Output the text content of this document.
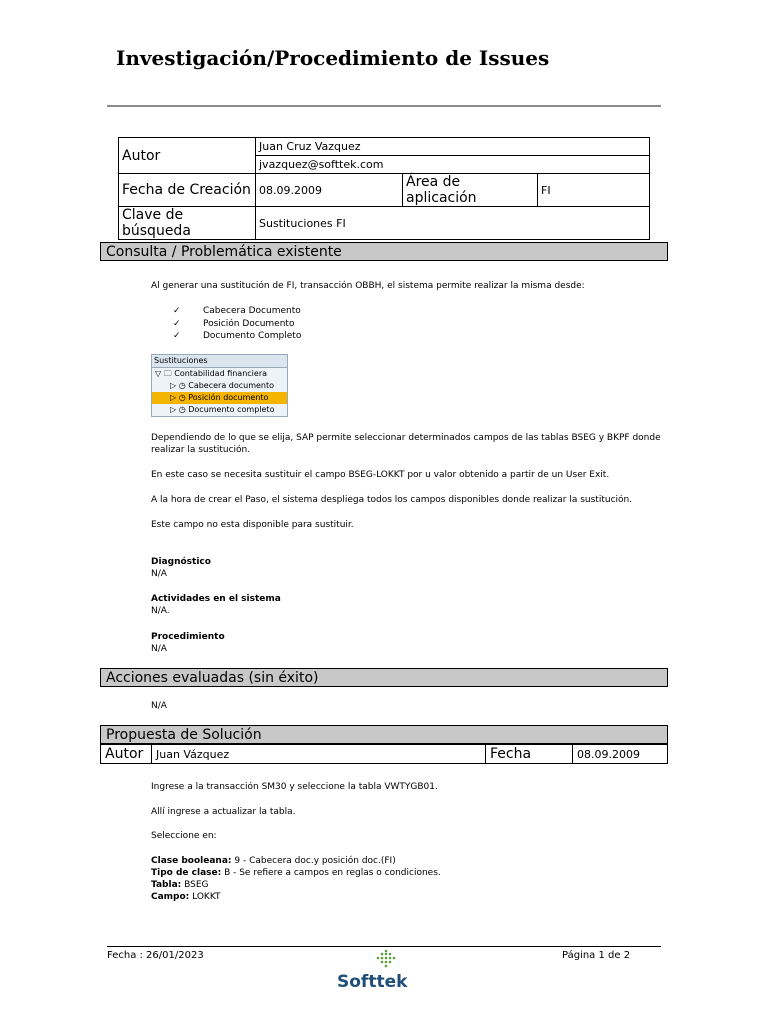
Investigación/Procedimiento de Issues
Autor	Juan Cruz Vazquez		
	jvazquez@softtek.com		
Fecha de Creación	08.09.2009	Área de aplicación	FI
Clave de búsqueda	Sustituciones FI		
Consulta / Problemática existente
Al generar una sustitución de FI, transacción OBBH, el sistema permite realizar la misma desde:
✓ Cabecera Documento
✓ Posición Documento
✓ Documento Completo
Sustituciones
▽ 🗀 Contabilidad financiera
▷ ◷ Cabecera documento
▷ ◷ Posición documento
▷ ◷ Documento completo
Dependiendo de lo que se elija, SAP permite seleccionar determinados campos de las tablas BSEG y BKPF donde realizar la sustitución.
En este caso se necesita sustituir el campo BSEG-LOKKT por u valor obtenido a partir de un User Exit.
A la hora de crear el Paso, el sistema despliega todos los campos disponibles donde realizar la sustitución.
Este campo no esta disponible para sustituir.
Diagnóstico
N/A
Actividades en el sistema
N/A.
Procedimiento
N/A
Acciones evaluadas (sin éxito)
N/A
Propuesta de Solución
Autor	Juan Vázquez	Fecha	08.09.2009
Ingrese a la transacción SM30 y seleccione la tabla VWTYGB01.
Allí ingrese a actualizar la tabla.
Seleccione en:
Clase booleana: 9 - Cabecera doc.y posición doc.(FI)
Tipo de clase: B - Se refiere a campos en reglas o condiciones.
Tabla: BSEG
Campo: LOKKT
Fecha : 26/01/2023	Página 1 de 2
Softtek
